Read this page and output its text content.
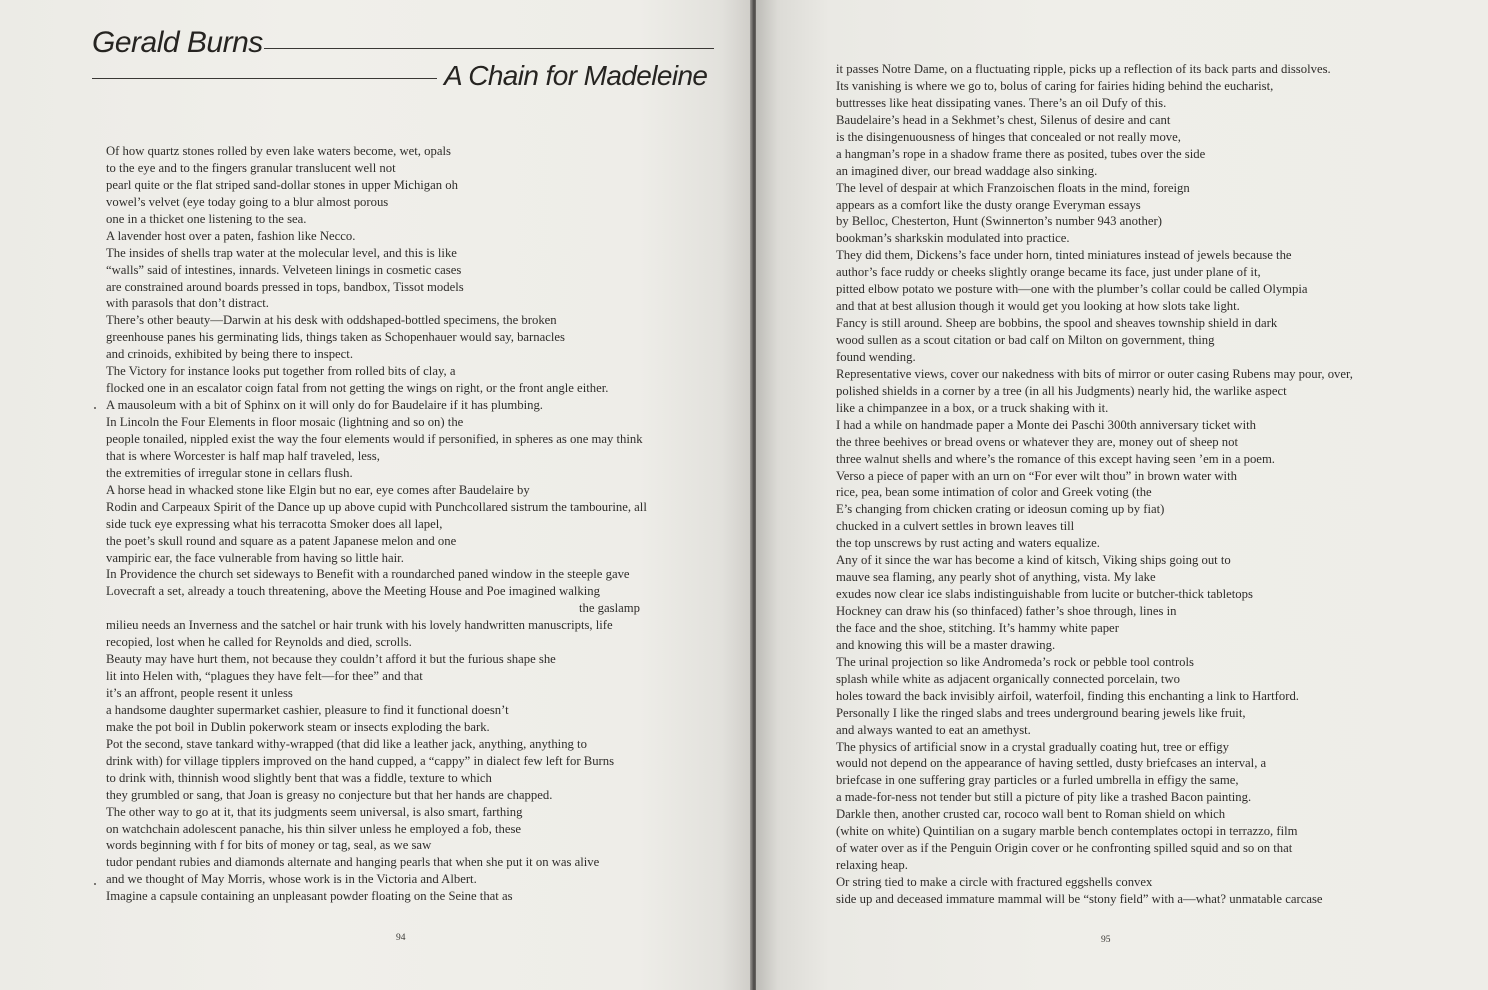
Gerald Burns
A Chain for Madeleine
Of how quartz stones rolled by even lake waters become, wet, opals
to the eye and to the fingers granular translucent well not
pearl quite or the flat striped sand-dollar stones in upper Michigan oh
vowel’s velvet (eye today going to a blur almost porous
one in a thicket one listening to the sea.
A lavender host over a paten, fashion like Necco.
The insides of shells trap water at the molecular level, and this is like
“walls” said of intestines, innards. Velveteen linings in cosmetic cases
are constrained around boards pressed in tops, bandbox, Tissot models
with parasols that don’t distract.
There’s other beauty—Darwin at his desk with oddshaped-bottled specimens, the broken
greenhouse panes his germinating lids, things taken as Schopenhauer would say, barnacles
and crinoids, exhibited by being there to inspect.
The Victory for instance looks put together from rolled bits of clay, a
flocked one in an escalator coign fatal from not getting the wings on right, or the front angle either.
A mausoleum with a bit of Sphinx on it will only do for Baudelaire if it has plumbing.
In Lincoln the Four Elements in floor mosaic (lightning and so on) the
people tonailed, nippled exist the way the four elements would if personified, in spheres as one may think
that is where Worcester is half map half traveled, less,
the extremities of irregular stone in cellars flush.
A horse head in whacked stone like Elgin but no ear, eye comes after Baudelaire by
Rodin and Carpeaux Spirit of the Dance up up above cupid with Punchcollared sistrum the tambourine, all
side tuck eye expressing what his terracotta Smoker does all lapel,
the poet’s skull round and square as a patent Japanese melon and one
vampiric ear, the face vulnerable from having so little hair.
In Providence the church set sideways to Benefit with a roundarched paned window in the steeple gave
Lovecraft a set, already a touch threatening, above the Meeting House and Poe imagined walking
the gaslamp
milieu needs an Inverness and the satchel or hair trunk with his lovely handwritten manuscripts, life
recopied, lost when he called for Reynolds and died, scrolls.
Beauty may have hurt them, not because they couldn’t afford it but the furious shape she
lit into Helen with, “plagues they have felt—for thee” and that
it’s an affront, people resent it unless
a handsome daughter supermarket cashier, pleasure to find it functional doesn’t
make the pot boil in Dublin pokerwork steam or insects exploding the bark.
Pot the second, stave tankard withy-wrapped (that did like a leather jack, anything, anything to
drink with) for village tipplers improved on the hand cupped, a “cappy” in dialect few left for Burns
to drink with, thinnish wood slightly bent that was a fiddle, texture to which
they grumbled or sang, that Joan is greasy no conjecture but that her hands are chapped.
The other way to go at it, that its judgments seem universal, is also smart, farthing
on watchchain adolescent panache, his thin silver unless he employed a fob, these
words beginning with f for bits of money or tag, seal, as we saw
tudor pendant rubies and diamonds alternate and hanging pearls that when she put it on was alive
and we thought of May Morris, whose work is in the Victoria and Albert.
Imagine a capsule containing an unpleasant powder floating on the Seine that as
it passes Notre Dame, on a fluctuating ripple, picks up a reflection of its back parts and dissolves.
Its vanishing is where we go to, bolus of caring for fairies hiding behind the eucharist,
buttresses like heat dissipating vanes. There’s an oil Dufy of this.
Baudelaire’s head in a Sekhmet’s chest, Silenus of desire and cant
is the disingenuousness of hinges that concealed or not really move,
a hangman’s rope in a shadow frame there as posited, tubes over the side
an imagined diver, our bread waddage also sinking.
The level of despair at which Franzoischen floats in the mind, foreign
appears as a comfort like the dusty orange Everyman essays
by Belloc, Chesterton, Hunt (Swinnerton’s number 943 another)
bookman’s sharkskin modulated into practice.
They did them, Dickens’s face under horn, tinted miniatures instead of jewels because the
author’s face ruddy or cheeks slightly orange became its face, just under plane of it,
pitted elbow potato we posture with—one with the plumber’s collar could be called Olympia
and that at best allusion though it would get you looking at how slots take light.
Fancy is still around. Sheep are bobbins, the spool and sheaves township shield in dark
wood sullen as a scout citation or bad calf on Milton on government, thing
found wending.
Representative views, cover our nakedness with bits of mirror or outer casing Rubens may pour, over,
polished shields in a corner by a tree (in all his Judgments) nearly hid, the warlike aspect
like a chimpanzee in a box, or a truck shaking with it.
I had a while on handmade paper a Monte dei Paschi 300th anniversary ticket with
the three beehives or bread ovens or whatever they are, money out of sheep not
three walnut shells and where’s the romance of this except having seen ’em in a poem.
Verso a piece of paper with an urn on “For ever wilt thou” in brown water with
rice, pea, bean some intimation of color and Greek voting (the
E’s changing from chicken crating or ideosun coming up by fiat)
chucked in a culvert settles in brown leaves till
the top unscrews by rust acting and waters equalize.
Any of it since the war has become a kind of kitsch, Viking ships going out to
mauve sea flaming, any pearly shot of anything, vista. My lake
exudes now clear ice slabs indistinguishable from lucite or butcher-thick tabletops
Hockney can draw his (so thinfaced) father’s shoe through, lines in
the face and the shoe, stitching. It’s hammy white paper
and knowing this will be a master drawing.
The urinal projection so like Andromeda’s rock or pebble tool controls
splash while white as adjacent organically connected porcelain, two
holes toward the back invisibly airfoil, waterfoil, finding this enchanting a link to Hartford.
Personally I like the ringed slabs and trees underground bearing jewels like fruit,
and always wanted to eat an amethyst.
The physics of artificial snow in a crystal gradually coating hut, tree or effigy
would not depend on the appearance of having settled, dusty briefcases an interval, a
briefcase in one suffering gray particles or a furled umbrella in effigy the same,
a made-for-ness not tender but still a picture of pity like a trashed Bacon painting.
Darkle then, another crusted car, rococo wall bent to Roman shield on which
(white on white) Quintilian on a sugary marble bench contemplates octopi in terrazzo, film
of water over as if the Penguin Origin cover or he confronting spilled squid and so on that
relaxing heap.
Or string tied to make a circle with fractured eggshells convex
side up and deceased immature mammal will be “stony field” with a—what? unmatable carcase
94	95
